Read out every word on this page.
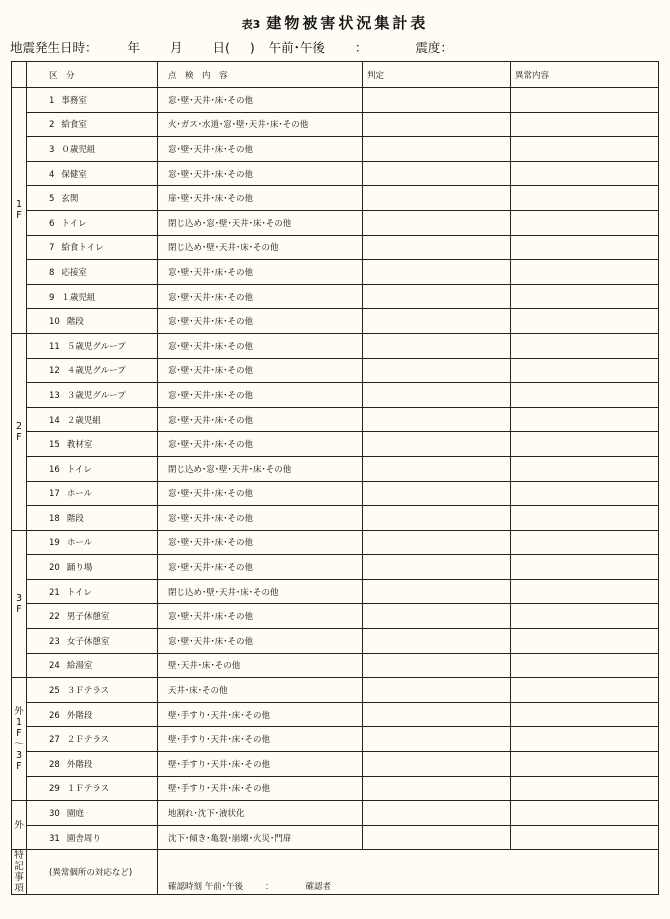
表3 建物被害状況集計表
地震発生日時： 年 月 日( ) 午前･午後 ：	震度：
	区　分	点　検　内　容	判定	異常内容
1F	1 事務室	窓･壁･天井･床･その他		
	2 給食室	火･ガス･水道･窓･壁･天井･床･その他		
	3 ０歳児組	窓･壁･天井･床･その他		
	4 保健室	窓･壁･天井･床･その他		
	5 玄関	扉･壁･天井･床･その他		
	6 トイレ	閉じ込め･窓･壁･天井･床･その他		
	7 給食トイレ	閉じ込め･壁･天井･床･その他		
	8 応接室	窓･壁･天井･床･その他		
	9 １歳児組	窓･壁･天井･床･その他		
	10 階段	窓･壁･天井･床･その他		
2F	11 ５歳児グループ	窓･壁･天井･床･その他		
	12 ４歳児グループ	窓･壁･天井･床･その他		
	13 ３歳児グループ	窓･壁･天井･床･その他		
	14 ２歳児組	窓･壁･天井･床･その他		
	15 教材室	窓･壁･天井･床･その他		
	16 トイレ	閉じ込め･窓･壁･天井･床･その他		
	17 ホール	窓･壁･天井･床･その他		
	18 階段	窓･壁･天井･床･その他		
3F	19 ホール	窓･壁･天井･床･その他		
	20 踊り場	窓･壁･天井･床･その他		
	21 トイレ	閉じ込め･壁･天井･床･その他		
	22 男子休憩室	窓･壁･天井･床･その他		
	23 女子休憩室	窓･壁･天井･床･その他		
	24 給湯室	壁･天井･床･その他		
外1F～3F	25 ３Ｆテラス	天井･床･その他		
	26 外階段	壁･手すり･天井･床･その他		
	27 ２Ｆテラス	壁･手すり･天井･床･その他		
	28 外階段	壁･手すり･天井･床･その他		
	29 １Ｆテラス	壁･手すり･天井･床･その他		
外	30 園庭	地割れ･沈下･液状化		
	31 園舎周り	沈下･傾き･亀裂･崩壊･火災･門扉		
特記事項	(異常個所の対応など)	確認時刻 午前･午後 ： 確認者		
